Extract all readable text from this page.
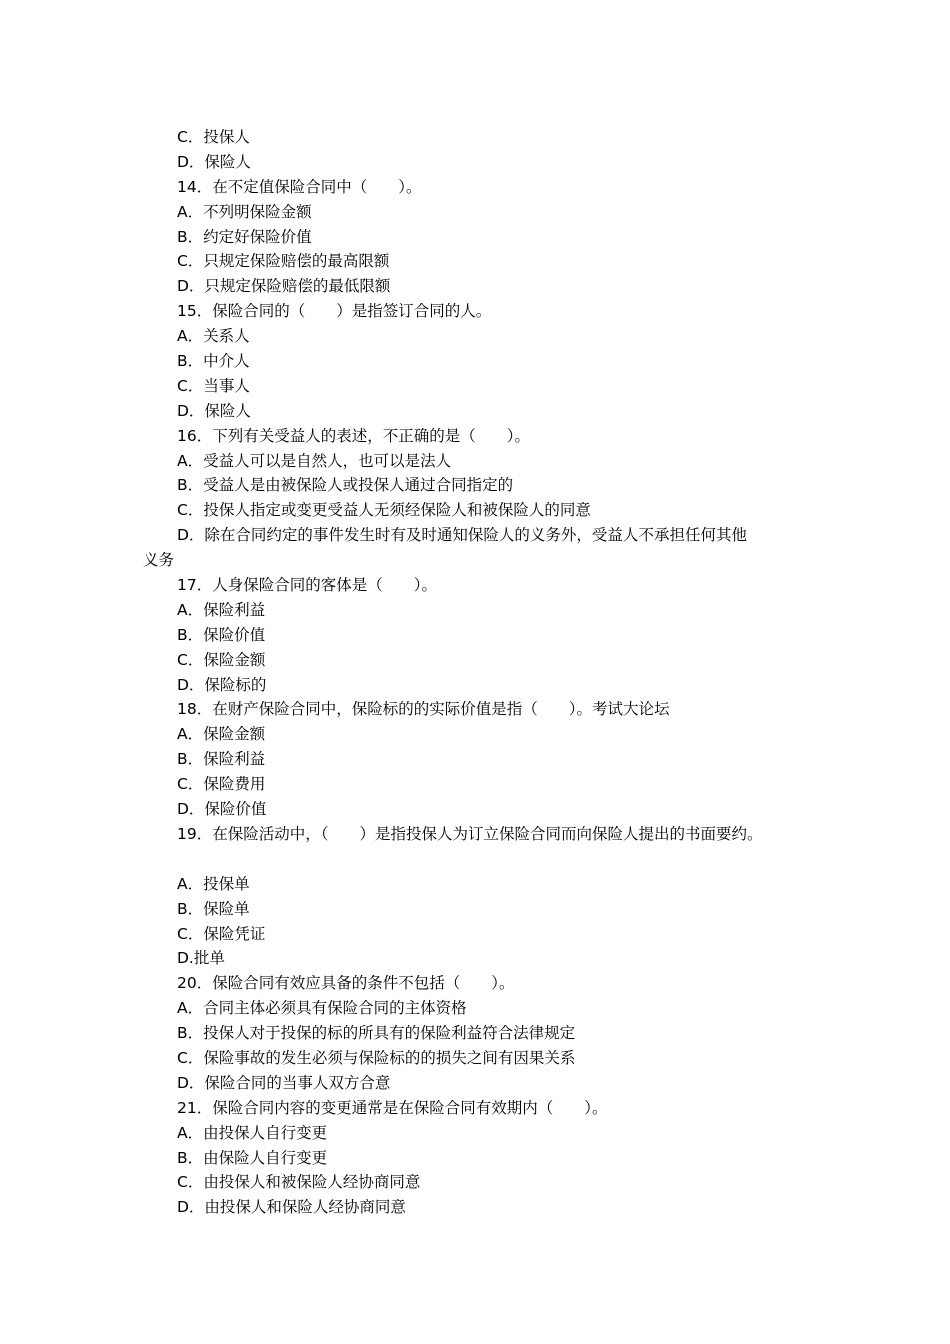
C．投保人
D．保险人
14．在不定值保险合同中（　　）。
A．不列明保险金额
B．约定好保险价值
C．只规定保险赔偿的最高限额
D．只规定保险赔偿的最低限额
15．保险合同的（　　）是指签订合同的人。
A．关系人
B．中介人
C．当事人
D．保险人
16．下列有关受益人的表述，不正确的是（　　）。
A．受益人可以是自然人，也可以是法人
B．受益人是由被保险人或投保人通过合同指定的
C．投保人指定或变更受益人无须经保险人和被保险人的同意
D．除在合同约定的事件发生时有及时通知保险人的义务外，受益人不承担任何其他
义务
17．人身保险合同的客体是（　　）。
A．保险利益
B．保险价值
C．保险金额
D．保险标的
18．在财产保险合同中，保险标的的实际价值是指（　　）。考试大论坛
A．保险金额
B．保险利益
C．保险费用
D．保险价值
19．在保险活动中，（　　）是指投保人为订立保险合同而向保险人提出的书面要约。
A．投保单
B．保险单
C．保险凭证
D.批单
20．保险合同有效应具备的条件不包括（　　）。
A．合同主体必须具有保险合同的主体资格
B．投保人对于投保的标的所具有的保险利益符合法律规定
C．保险事故的发生必须与保险标的的损失之间有因果关系
D．保险合同的当事人双方合意
21．保险合同内容的变更通常是在保险合同有效期内（　　）。
A．由投保人自行变更
B．由保险人自行变更
C．由投保人和被保险人经协商同意
D．由投保人和保险人经协商同意
